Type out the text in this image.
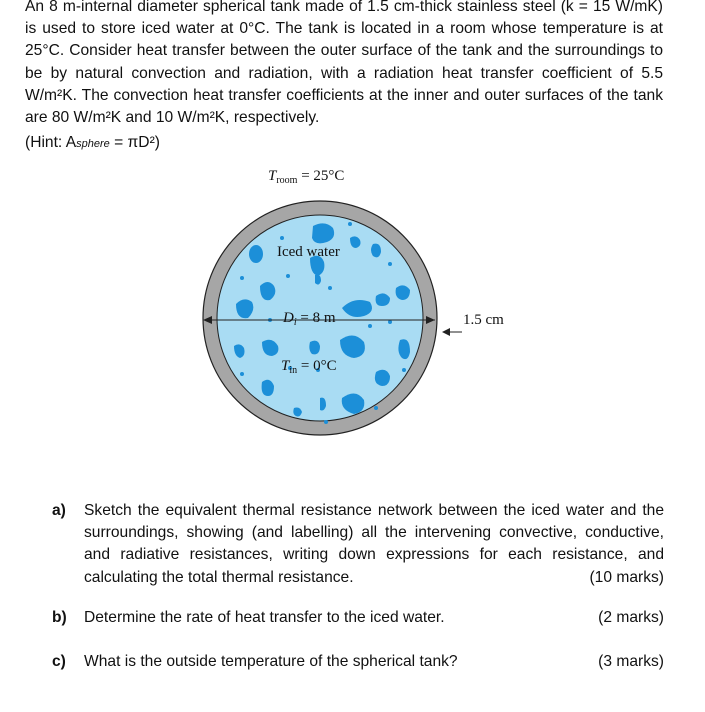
An 8 m-internal diameter spherical tank made of 1.5 cm-thick stainless steel (k = 15 W/mK) is used to store iced water at 0°C. The tank is located in a room whose temperature is at 25°C. Consider heat transfer between the outer surface of the tank and the surroundings to be by natural convection and radiation, with a radiation heat transfer coefficient of 5.5 W/m²K. The convection heat transfer coefficients at the inner and outer surfaces of the tank are 80 W/m²K and 10 W/m²K, respectively.

(Hint: Asphere = πD²)

$T_{room} = 25^\circ C$
Iced water
$D_i = 8$ m	1.5 cm
$T_{in} = 0^\circ C$
a) Sketch the equivalent thermal resistance network between the iced water and the surroundings, showing (and labelling) all the intervening convective, conductive, and radiative resistances, writing down expressions for each resistance, and calculating the total thermal resistance.	(10 marks)
b)	(2 marks)
Determine the rate of heat transfer to the iced water.
c)	(3 marks)
What is the outside temperature of the spherical tank?
